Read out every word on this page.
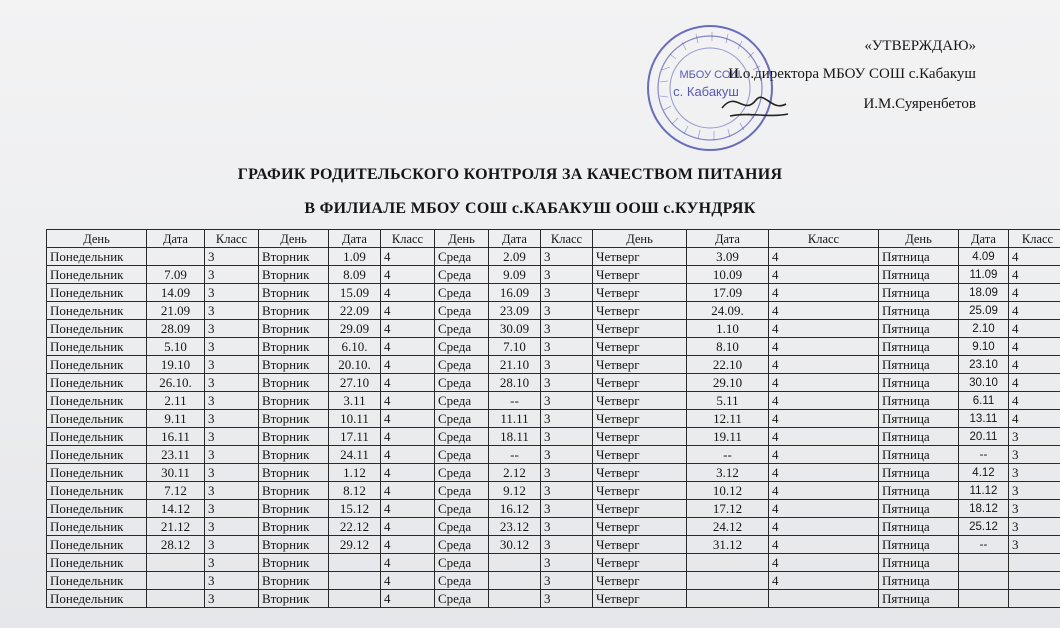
«УТВЕРЖДАЮ»
И.о.директора МБОУ СОШ с.Кабакуш
И.М.Суяренбетов
МБОУ СОШ
с. Кабакуш
ГРАФИК РОДИТЕЛЬСКОГО КОНТРОЛЯ ЗА КАЧЕСТВОМ ПИТАНИЯ
В ФИЛИАЛЕ МБОУ СОШ с.КАБАКУШ ООШ с.КУНДРЯК
День	Дата	Класс	День	Дата	Класс	День	Дата	Класс	День	Дата	Класс	День	Дата	Класс
Понедельник		3	Вторник	1.09	4	Среда	2.09	3	Четверг	3.09	4	Пятница	4.09	4
Понедельник	7.09	3	Вторник	8.09	4	Среда	9.09	3	Четверг	10.09	4	Пятница	11.09	4
Понедельник	14.09	3	Вторник	15.09	4	Среда	16.09	3	Четверг	17.09	4	Пятница	18.09	4
Понедельник	21.09	3	Вторник	22.09	4	Среда	23.09	3	Четверг	24.09.	4	Пятница	25.09	4
Понедельник	28.09	3	Вторник	29.09	4	Среда	30.09	3	Четверг	1.10	4	Пятница	2.10	4
Понедельник	5.10	3	Вторник	6.10.	4	Среда	7.10	3	Четверг	8.10	4	Пятница	9.10	4
Понедельник	19.10	3	Вторник	20.10.	4	Среда	21.10	3	Четверг	22.10	4	Пятница	23.10	4
Понедельник	26.10.	3	Вторник	27.10	4	Среда	28.10	3	Четверг	29.10	4	Пятница	30.10	4
Понедельник	2.11	3	Вторник	3.11	4	Среда	--	3	Четверг	5.11	4	Пятница	6.11	4
Понедельник	9.11	3	Вторник	10.11	4	Среда	11.11	3	Четверг	12.11	4	Пятница	13.11	4
Понедельник	16.11	3	Вторник	17.11	4	Среда	18.11	3	Четверг	19.11	4	Пятница	20.11	3
Понедельник	23.11	3	Вторник	24.11	4	Среда	--	3	Четверг	--	4	Пятница	--	3
Понедельник	30.11	3	Вторник	1.12	4	Среда	2.12	3	Четверг	3.12	4	Пятница	4.12	3
Понедельник	7.12	3	Вторник	8.12	4	Среда	9.12	3	Четверг	10.12	4	Пятница	11.12	3
Понедельник	14.12	3	Вторник	15.12	4	Среда	16.12	3	Четверг	17.12	4	Пятница	18.12	3
Понедельник	21.12	3	Вторник	22.12	4	Среда	23.12	3	Четверг	24.12	4	Пятница	25.12	3
Понедельник	28.12	3	Вторник	29.12	4	Среда	30.12	3	Четверг	31.12	4	Пятница	--	3
Понедельник		3	Вторник		4	Среда		3	Четверг		4	Пятница		
Понедельник		3	Вторник		4	Среда		3	Четверг		4	Пятница		
Понедельник		3	Вторник		4	Среда		3	Четверг			Пятница		
